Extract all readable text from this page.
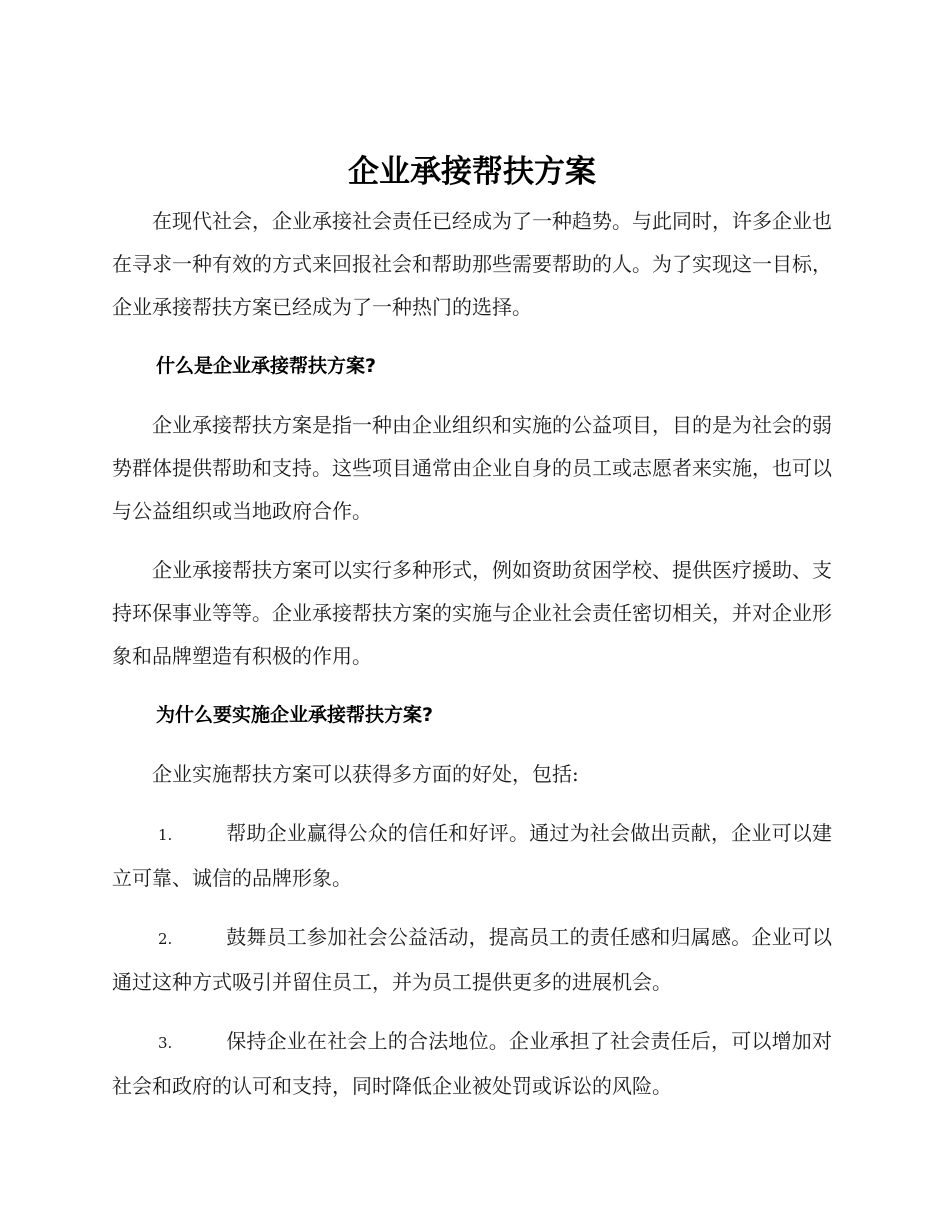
企业承接帮扶方案

在现代社会，企业承接社会责任已经成为了一种趋势。与此同时，许多企业也在寻求一种有效的方式来回报社会和帮助那些需要帮助的人。为了实现这一目标，企业承接帮扶方案已经成为了一种热门的选择。

什么是企业承接帮扶方案?

企业承接帮扶方案是指一种由企业组织和实施的公益项目，目的是为社会的弱势群体提供帮助和支持。这些项目通常由企业自身的员工或志愿者来实施，也可以与公益组织或当地政府合作。

企业承接帮扶方案可以实行多种形式，例如资助贫困学校、提供医疗援助、支持环保事业等等。企业承接帮扶方案的实施与企业社会责任密切相关，并对企业形象和品牌塑造有积极的作用。

为什么要实施企业承接帮扶方案?

企业实施帮扶方案可以获得多方面的好处，包括:

1.	帮助企业赢得公众的信任和好评。通过为社会做出贡献，企业可以建立可靠、诚信的品牌形象。

2.	鼓舞员工参加社会公益活动，提高员工的责任感和归属感。企业可以通过这种方式吸引并留住员工，并为员工提供更多的进展机会。

3.	保持企业在社会上的合法地位。企业承担了社会责任后，可以增加对社会和政府的认可和支持，同时降低企业被处罚或诉讼的风险。
